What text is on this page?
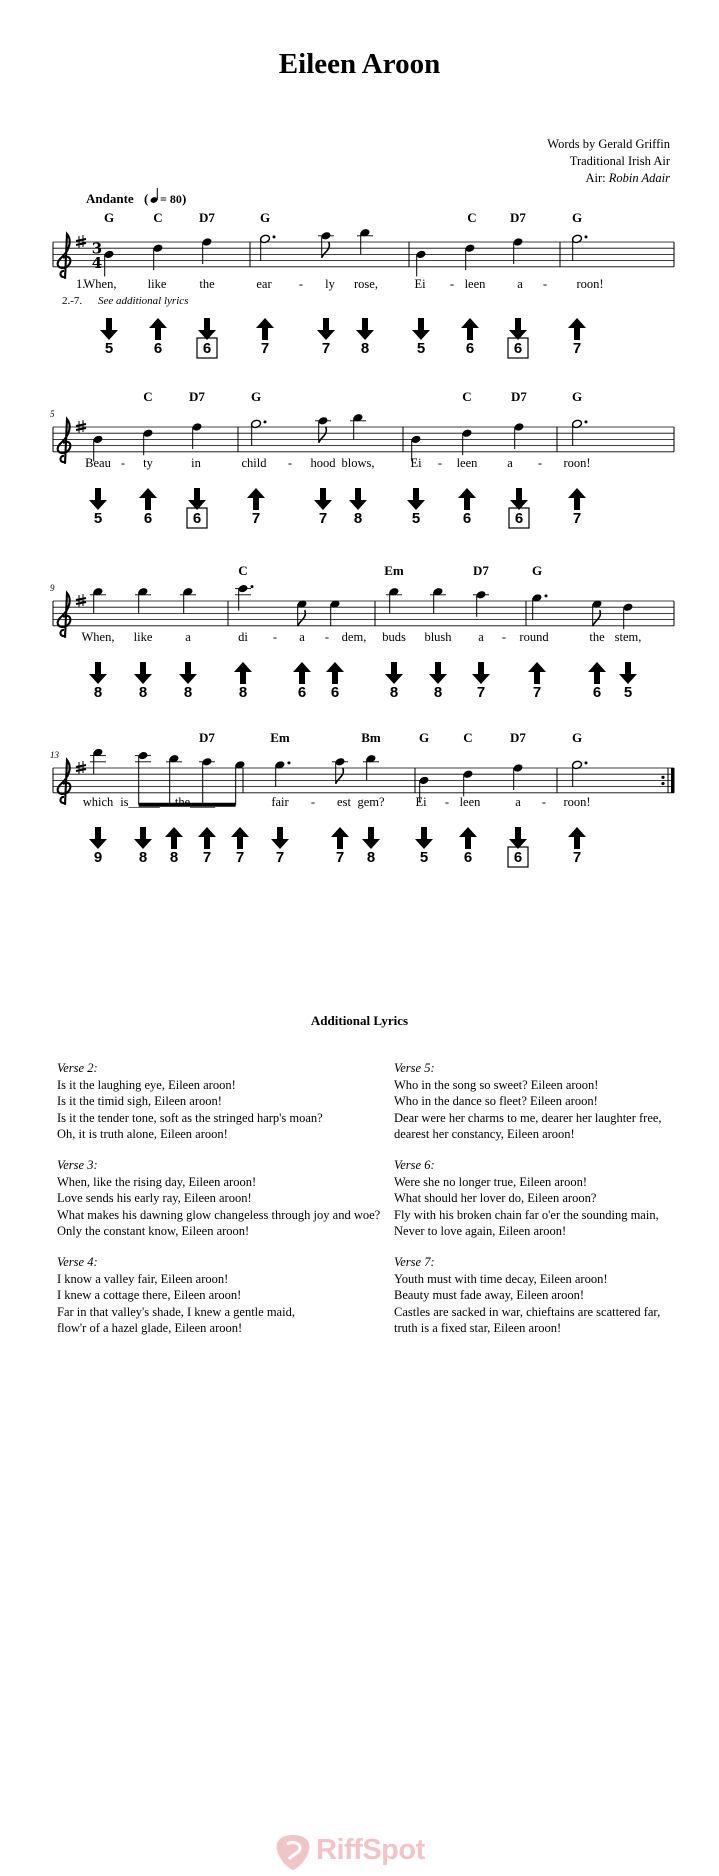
Eileen Aroon
Words by Gerald Griffin
Traditional Irish Air
Air: Robin Adair
G	C	D7	G	C	D7	G
When, like	the	ear - ly rose,	Ei - leen	a - roon!
5	6	6	7	7 8	5	6	6	7
5
C	D7	G	C	D7	G
Beau - ty	in	child - hood blows,	Ei - leen a - roon!
5	6	6	7	7 8	5	6	6	7
9
C	Em	D7	G
When, like	a	di - a - dem, buds blush a - round	the stem,
8 8 8	8	6 6	8 8 7	7	6 5
13
D7	Em	Bm	G	C	D7	G
which is_____ the____	fair - est gem? Ei - leen	a - roon!
9 8 8 7 7 7	7 8	5 6	6	7
3
4
Andante ( = 80 )
1.
2.-7. See additional lyrics
Additional Lyrics
Verse 2:
Is it the laughing eye, Eileen aroon!
Is it the timid sigh, Eileen aroon!
Is it the tender tone, soft as the stringed harp's moan?
Oh, it is truth alone, Eileen aroon!
Verse 3:
When, like the rising day, Eileen aroon!
Love sends his early ray, Eileen aroon!
What makes his dawning glow changeless through joy and woe?
Only the constant know, Eileen aroon!
Verse 4:
I know a valley fair, Eileen aroon!
I knew a cottage there, Eileen aroon!
Far in that valley's shade, I knew a gentle maid,
flow'r of a hazel glade, Eileen aroon!
Verse 5:
Who in the song so sweet? Eileen aroon!
Who in the dance so fleet? Eileen aroon!
Dear were her charms to me, dearer her laughter free,
dearest her constancy, Eileen aroon!
Verse 6:
Were she no longer true, Eileen aroon!
What should her lover do, Eileen aroon?
Fly with his broken chain far o'er the sounding main,
Never to love again, Eileen aroon!
Verse 7:
Youth must with time decay, Eileen aroon!
Beauty must fade away, Eileen aroon!
Castles are sacked in war, chieftains are scattered far,
truth is a fixed star, Eileen aroon!
RiffSpot
